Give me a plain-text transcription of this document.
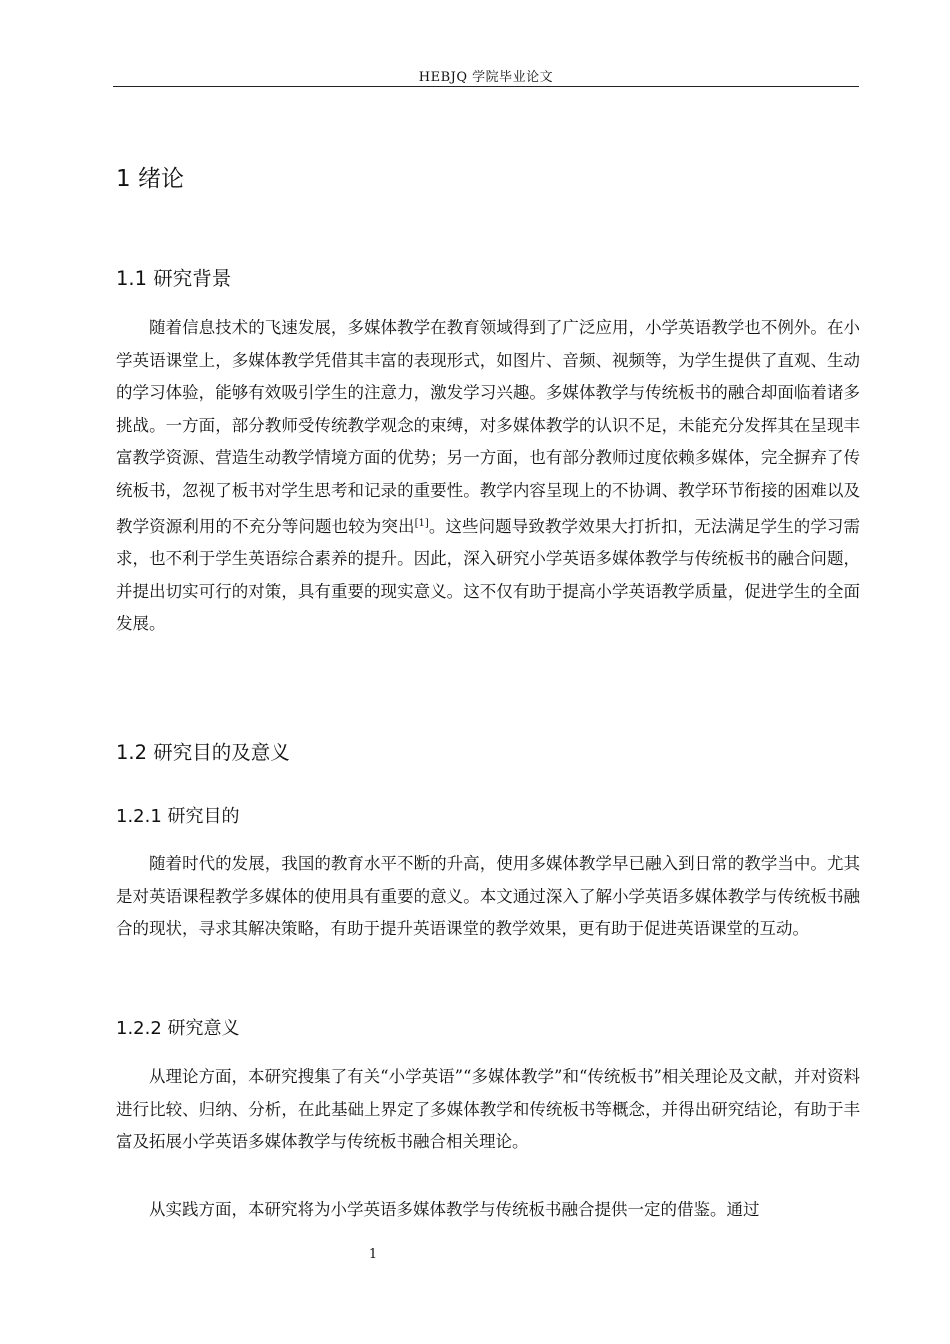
HEBJQ 学院毕业论文
1 绪论
1.1 研究背景

随着信息技术的飞速发展，多媒体教学在教育领域得到了广泛应用，小学英语教学也不例外。在小学英语课堂上，多媒体教学凭借其丰富的表现形式，如图片、音频、视频等，为学生提供了直观、生动的学习体验，能够有效吸引学生的注意力，激发学习兴趣。多媒体教学与传统板书的融合却面临着诸多挑战。一方面，部分教师受传统教学观念的束缚，对多媒体教学的认识不足，未能充分发挥其在呈现丰富教学资源、营造生动教学情境方面的优势；另一方面，也有部分教师过度依赖多媒体，完全摒弃了传统板书，忽视了板书对学生思考和记录的重要性。教学内容呈现上的不协调、教学环节衔接的困难以及教学资源利用的不充分等问题也较为突出[1]。这些问题导致教学效果大打折扣，无法满足学生的学习需求，也不利于学生英语综合素养的提升。因此，深入研究小学英语多媒体教学与传统板书的融合问题，并提出切实可行的对策，具有重要的现实意义。这不仅有助于提高小学英语教学质量，促进学生的全面发展。

1.2 研究目的及意义
1.2.1 研究目的

随着时代的发展，我国的教育水平不断的升高，使用多媒体教学早已融入到日常的教学当中。尤其是对英语课程教学多媒体的使用具有重要的意义。本文通过深入了解小学英语多媒体教学与传统板书融合的现状，寻求其解决策略，有助于提升英语课堂的教学效果，更有助于促进英语课堂的互动。

1.2.2 研究意义

从理论方面，本研究搜集了有关“小学英语”“多媒体教学”和“传统板书”相关理论及文献，并对资料进行比较、归纳、分析，在此基础上界定了多媒体教学和传统板书等概念，并得出研究结论，有助于丰富及拓展小学英语多媒体教学与传统板书融合相关理论。

从实践方面，本研究将为小学英语多媒体教学与传统板书融合提供一定的借鉴。通过

1
